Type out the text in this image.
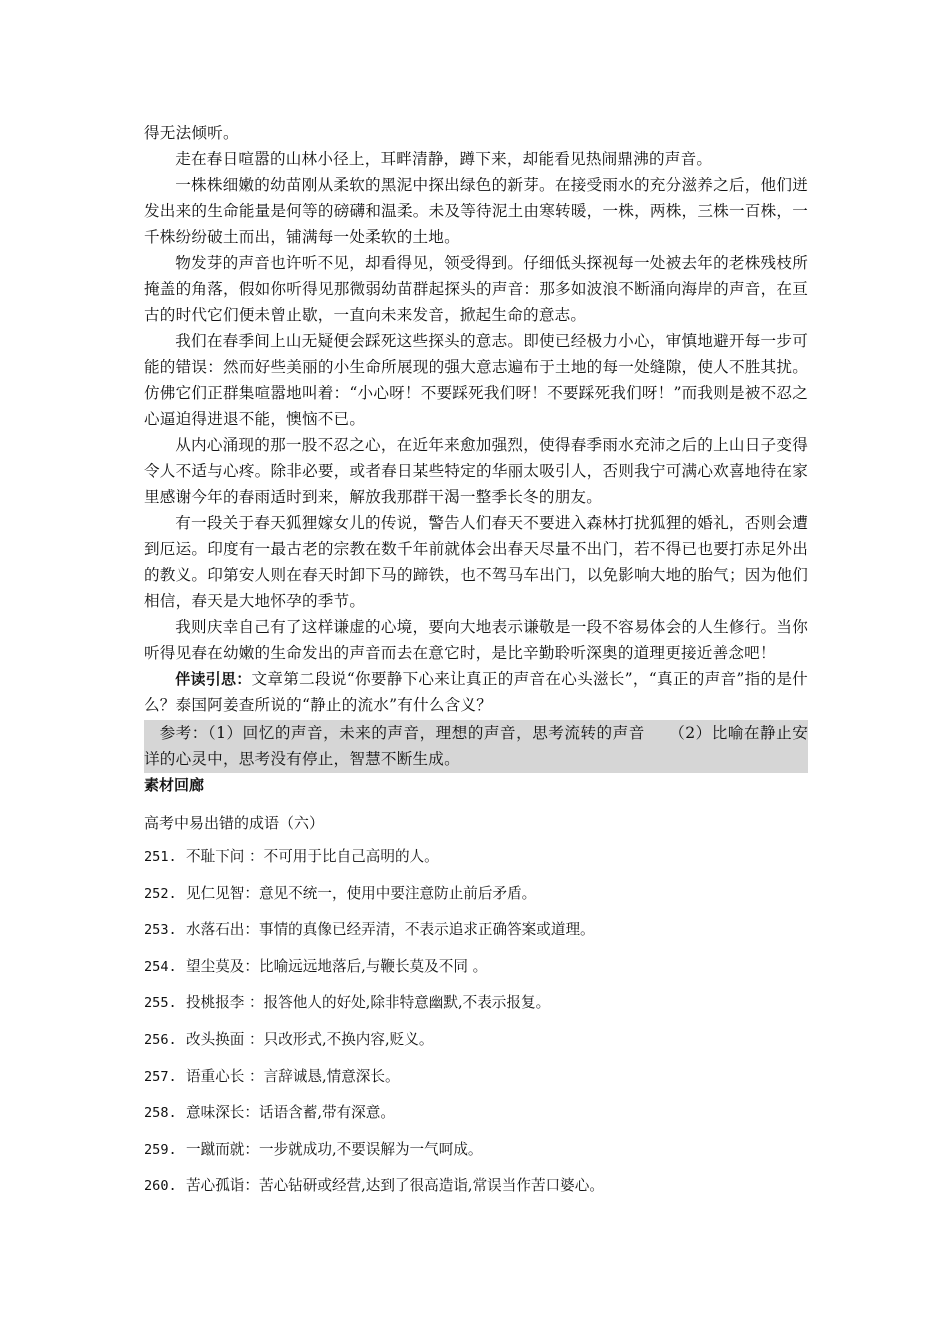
得无法倾听。

走在春日喧嚣的山林小径上，耳畔清静，蹲下来，却能看见热闹鼎沸的声音。

一株株细嫩的幼苗刚从柔软的黑泥中探出绿色的新芽。在接受雨水的充分滋养之后，他们迸发出来的生命能量是何等的磅礴和温柔。未及等待泥土由寒转暖，一株，两株，三株一百株，一千株纷纷破土而出，铺满每一处柔软的土地。

物发芽的声音也许听不见，却看得见，领受得到。仔细低头探视每一处被去年的老株残枝所掩盖的角落，假如你听得见那微弱幼苗群起探头的声音：那多如波浪不断涌向海岸的声音，在亘古的时代它们便未曾止歇，一直向未来发音，掀起生命的意志。

我们在春季间上山无疑便会踩死这些探头的意志。即使已经极力小心，审慎地避开每一步可能的错误：然而好些美丽的小生命所展现的强大意志遍布于土地的每一处缝隙，使人不胜其扰。仿佛它们正群集喧嚣地叫着：“小心呀！不要踩死我们呀！不要踩死我们呀！”而我则是被不忍之心逼迫得进退不能，懊恼不已。

从内心涌现的那一股不忍之心，在近年来愈加强烈，使得春季雨水充沛之后的上山日子变得令人不适与心疼。除非必要，或者春日某些特定的华丽太吸引人，否则我宁可满心欢喜地待在家里感谢今年的春雨适时到来，解放我那群干渴一整季长冬的朋友。

有一段关于春天狐狸嫁女儿的传说，警告人们春天不要进入森林打扰狐狸的婚礼，否则会遭到厄运。印度有一最古老的宗教在数千年前就体会出春天尽量不出门，若不得已也要打赤足外出的教义。印第安人则在春天时卸下马的蹄铁，也不驾马车出门，以免影响大地的胎气；因为他们相信，春天是大地怀孕的季节。

我则庆幸自己有了这样谦虚的心境，要向大地表示谦敬是一段不容易体会的人生修行。当你听得见春在幼嫩的生命发出的声音而去在意它时，是比辛勤聆听深奥的道理更接近善念吧！

伴读引思：文章第二段说“你要静下心来让真正的声音在心头滋长”，“真正的声音”指的是什么？泰国阿姜查所说的“静止的流水”有什么含义？

参考：（1）回忆的声音，未来的声音，理想的声音，思考流转的声音　　（2）比喻在静止安详的心灵中，思考没有停止，智慧不断生成。

素材回廊

高考中易出错的成语（六）

251. 不耻下问 ：不可用于比自己高明的人。
252. 见仁见智：意见不统一，使用中要注意防止前后矛盾。
253. 水落石出：事情的真像已经弄清，不表示追求正确答案或道理。
254. 望尘莫及：比喻远远地落后,与鞭长莫及不同 。
255. 投桃报李 ：报答他人的好处,除非特意幽默,不表示报复。
256. 改头换面 ：只改形式,不换内容,贬义。
257. 语重心长 ：言辞诚恳,情意深长。
258. 意味深长：话语含蓄,带有深意。
259. 一蹴而就：一步就成功,不要误解为一气呵成。
260. 苦心孤诣：苦心钻研或经营,达到了很高造诣,常误当作苦口婆心。
